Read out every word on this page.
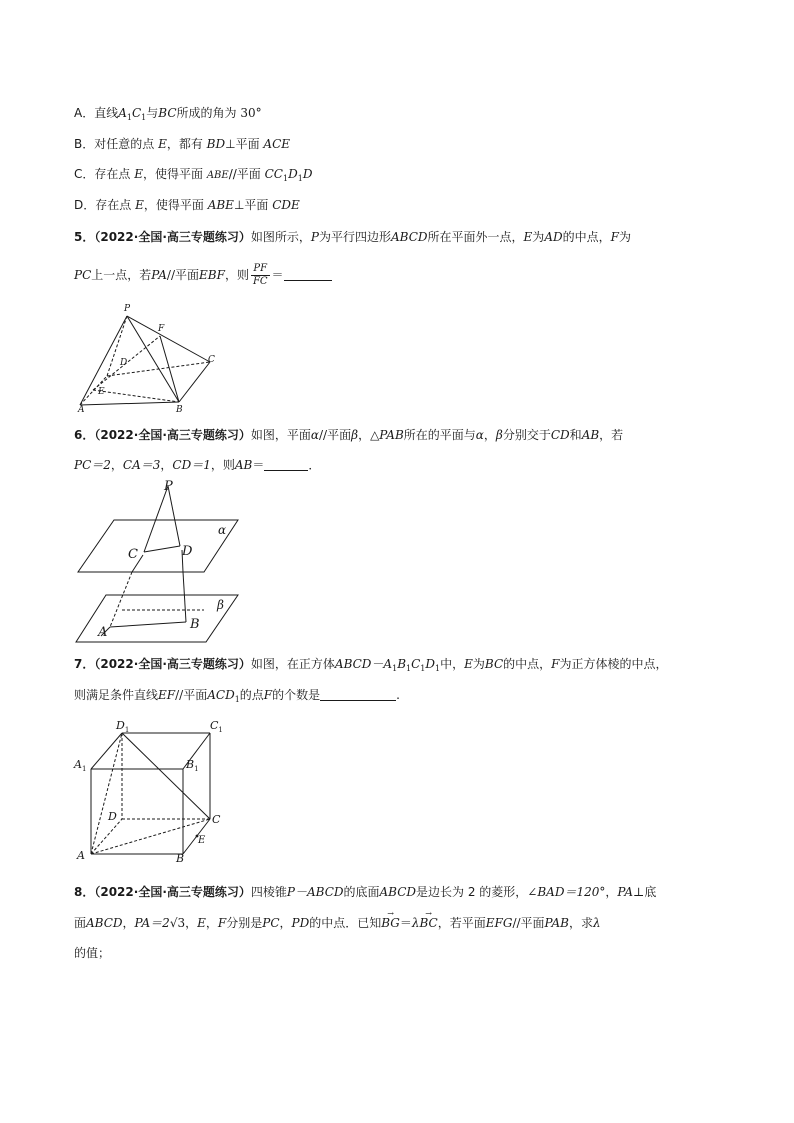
A．直线$A_1C_1$与BC所成的角为 30°
B．对任意的点 E，都有 BD⊥平面 ACE
C．存在点 E，使得平面 ABE//平面 $CC_1D_1D$
D．存在点 E，使得平面 ABE⊥平面 CDE
5．（2022·全国·高三专题练习）如图所示，P为平行四边形ABCD所在平面外一点，E为AD的中点，F为
PC上一点，若PA//平面EBF，则 $\frac{PF}{FC}$ ＝
P
F
D	C
E
A	B
6．（2022·全国·高三专题练习）如图，平面α//平面β，△PAB所在的平面与α，β分别交于CD和AB，若
PC＝2，CA＝3，CD＝1，则AB＝	．
P
α
C	D
β
A
B
7．（2022·全国·高三专题练习）如图，在正方体$ABCD-A_1B_1C_1D_1$中，E为BC的中点，F为正方体棱的中点，
则满足条件直线EF//平面$ACD_1$的点F的个数是	.
$D_1$	$C_1$
$A_1$	$B_1$
D	C
E
A	B
8．（2022·全国·高三专题练习）四棱锥P－ABCD的底面ABCD是边长为 2 的菱形，∠BAD＝120°，PA⊥底
面ABCD，PA＝2√3，E，F分别是PC，PD的中点．已知→ BG＝λ→ BC，若平面EFG//平面PAB，求λ
的值；
